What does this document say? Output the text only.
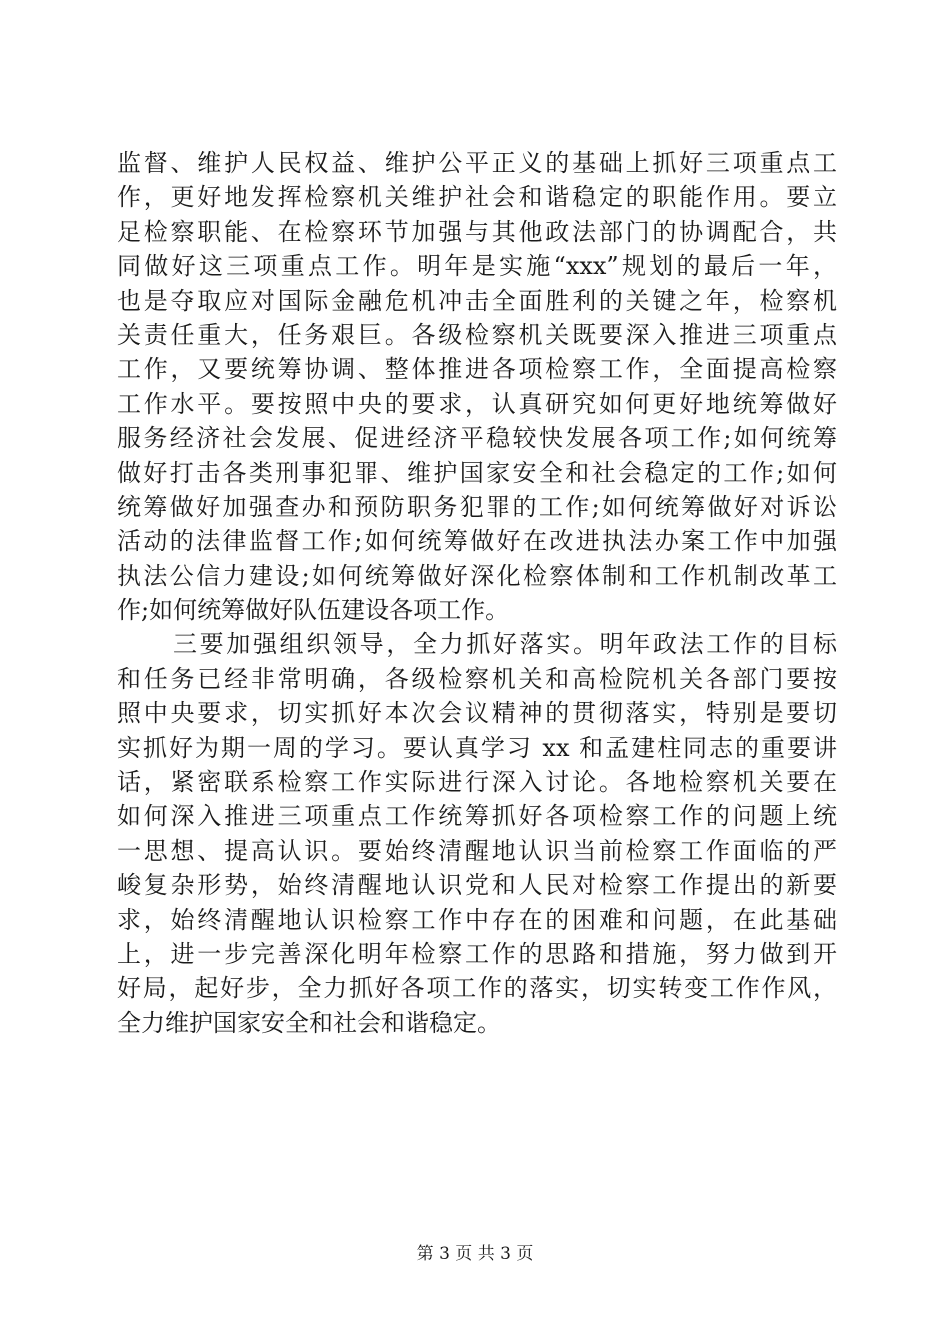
监督、维护人民权益、维护公平正义的基础上抓好三项重点工
作，更好地发挥检察机关维护社会和谐稳定的职能作用。要立
足检察职能、在检察环节加强与其他政法部门的协调配合，共
同做好这三项重点工作。明年是实施“xxx”规划的最后一年，
也是夺取应对国际金融危机冲击全面胜利的关键之年，检察机
关责任重大，任务艰巨。各级检察机关既要深入推进三项重点
工作，又要统筹协调、整体推进各项检察工作，全面提高检察
工作水平。要按照中央的要求，认真研究如何更好地统筹做好
服务经济社会发展、促进经济平稳较快发展各项工作;如何统筹
做好打击各类刑事犯罪、维护国家安全和社会稳定的工作;如何
统筹做好加强查办和预防职务犯罪的工作;如何统筹做好对诉讼
活动的法律监督工作;如何统筹做好在改进执法办案工作中加强
执法公信力建设;如何统筹做好深化检察体制和工作机制改革工
作;如何统筹做好队伍建设各项工作。
三要加强组织领导，全力抓好落实。明年政法工作的目标
和任务已经非常明确，各级检察机关和高检院机关各部门要按
照中央要求，切实抓好本次会议精神的贯彻落实，特别是要切
实抓好为期一周的学习。要认真学习 xx 和孟建柱同志的重要讲
话，紧密联系检察工作实际进行深入讨论。各地检察机关要在
如何深入推进三项重点工作统筹抓好各项检察工作的问题上统
一思想、提高认识。要始终清醒地认识当前检察工作面临的严
峻复杂形势，始终清醒地认识党和人民对检察工作提出的新要
求，始终清醒地认识检察工作中存在的困难和问题，在此基础
上，进一步完善深化明年检察工作的思路和措施，努力做到开
好局，起好步，全力抓好各项工作的落实，切实转变工作作风，
全力维护国家安全和社会和谐稳定。
第 3 页 共 3 页
